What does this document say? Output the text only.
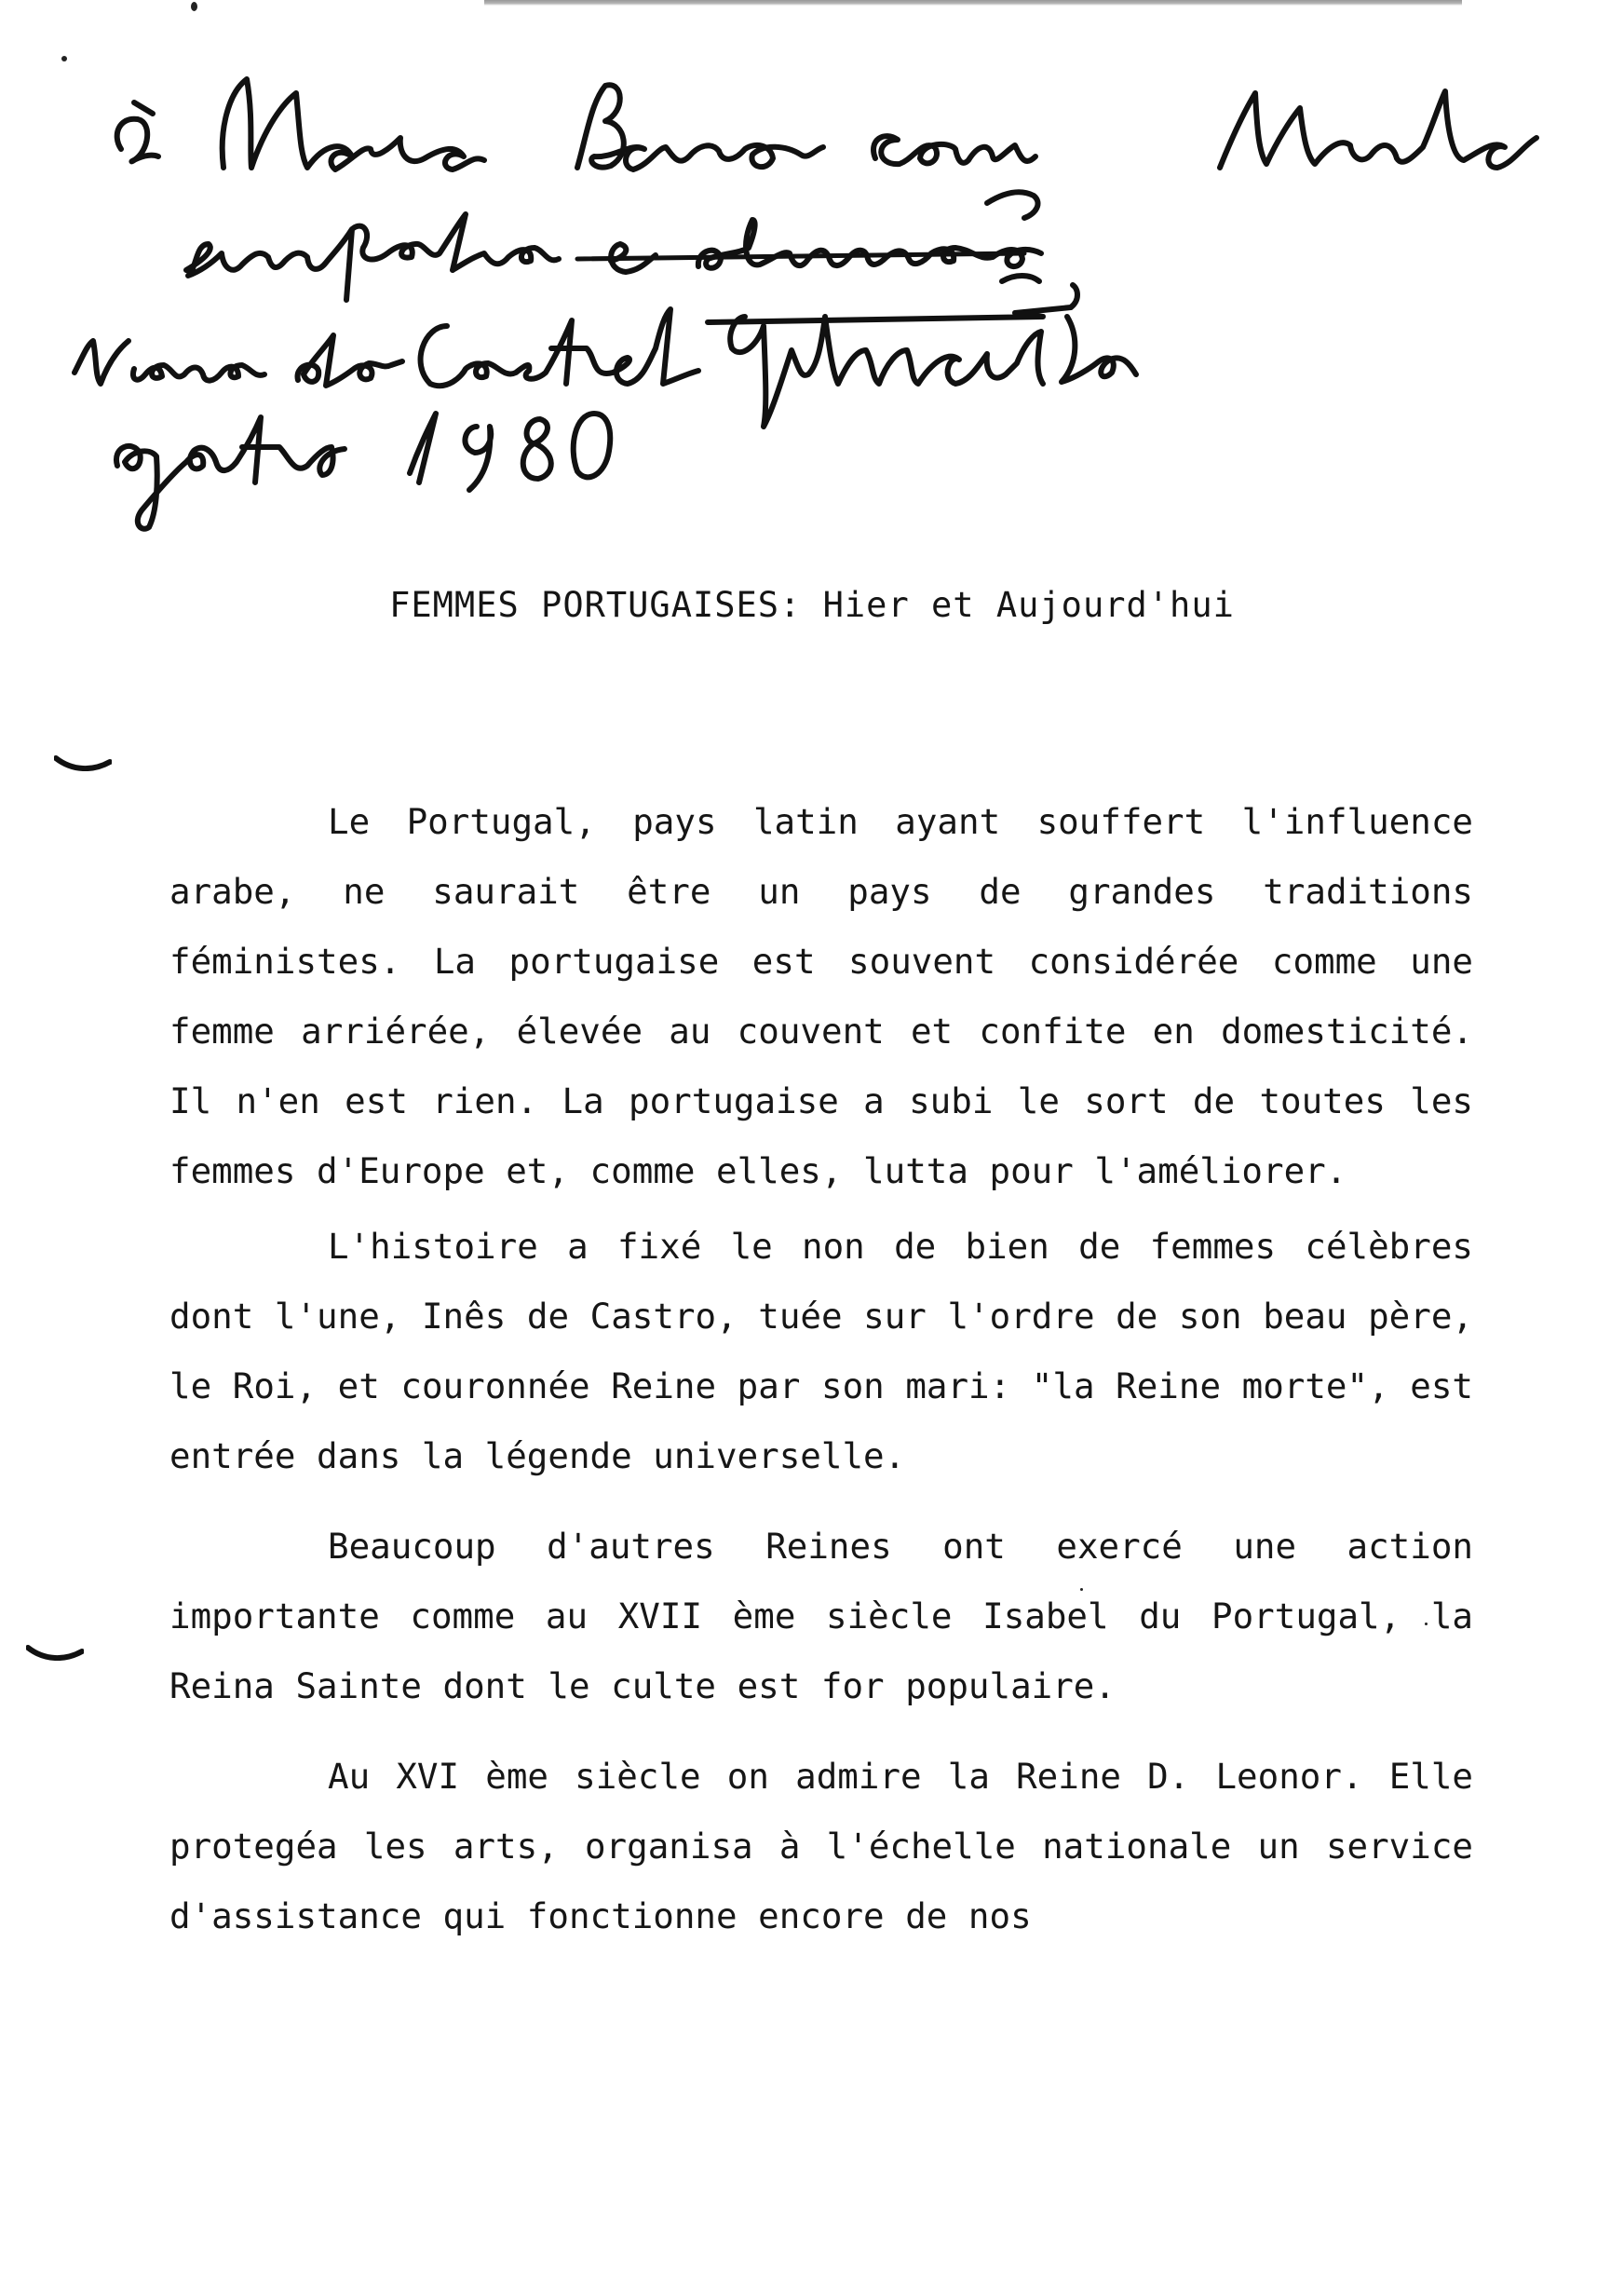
FEMMES PORTUGAISES: Hier et Aujourd'hui

Le Portugal, pays latin ayant souffert l'influence arabe, ne saurait être un pays de grandes traditions féministes. La portugaise est souvent considérée comme une femme arriérée, élevée au couvent et confite en domesticité. Il n'en est rien. La portugaise a subi le sort de toutes les femmes d'Europe et, comme elles, lutta pour l'améliorer.

L'histoire a fixé le non de bien de femmes célèbres dont l'une, Inês de Castro, tuée sur l'ordre de son beau père, le Roi, et couronnée Reine par son mari: "la Reine morte", est entrée dans la légende universelle.

Beaucoup d'autres Reines ont exercé une action importante comme au XVII ème siècle Isabel du Portugal, la Reina Sainte dont le culte est for populaire.

Au XVI ème siècle on admire la Reine D. Leonor. Elle protegéa les arts, organisa à l'échelle nationale un service d'assistance qui fonctionne encore de nos
